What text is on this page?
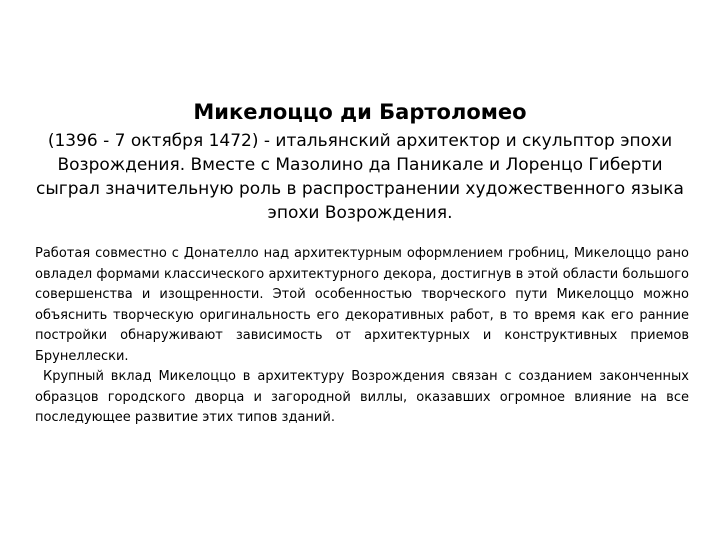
Микелоццо ди Бартоломео

(1396 - 7 октября 1472) - итальянский архитектор и скульптор эпохи Возрождения. Вместе с Мазолино да Паникале и Лоренцо Гиберти сыграл значительную роль в распространении художественного языка эпохи Возрождения.

Работая совместно с Донателло над архитектурным оформлением гробниц, Микелоццо рано овладел формами классического архитектурного декора, достигнув в этой области большого совершенства и изощренности. Этой особенностью творческого пути Микелоццо можно объяснить творческую оригинальность его декоративных работ, в то время как его ранние постройки обнаруживают зависимость от архитектурных и конструктивных приемов Брунеллески.

Крупный вклад Микелоццо в архитектуру Возрождения связан с созданием законченных образцов городского дворца и загородной виллы, оказавших огромное влияние на все последующее развитие этих типов зданий.
